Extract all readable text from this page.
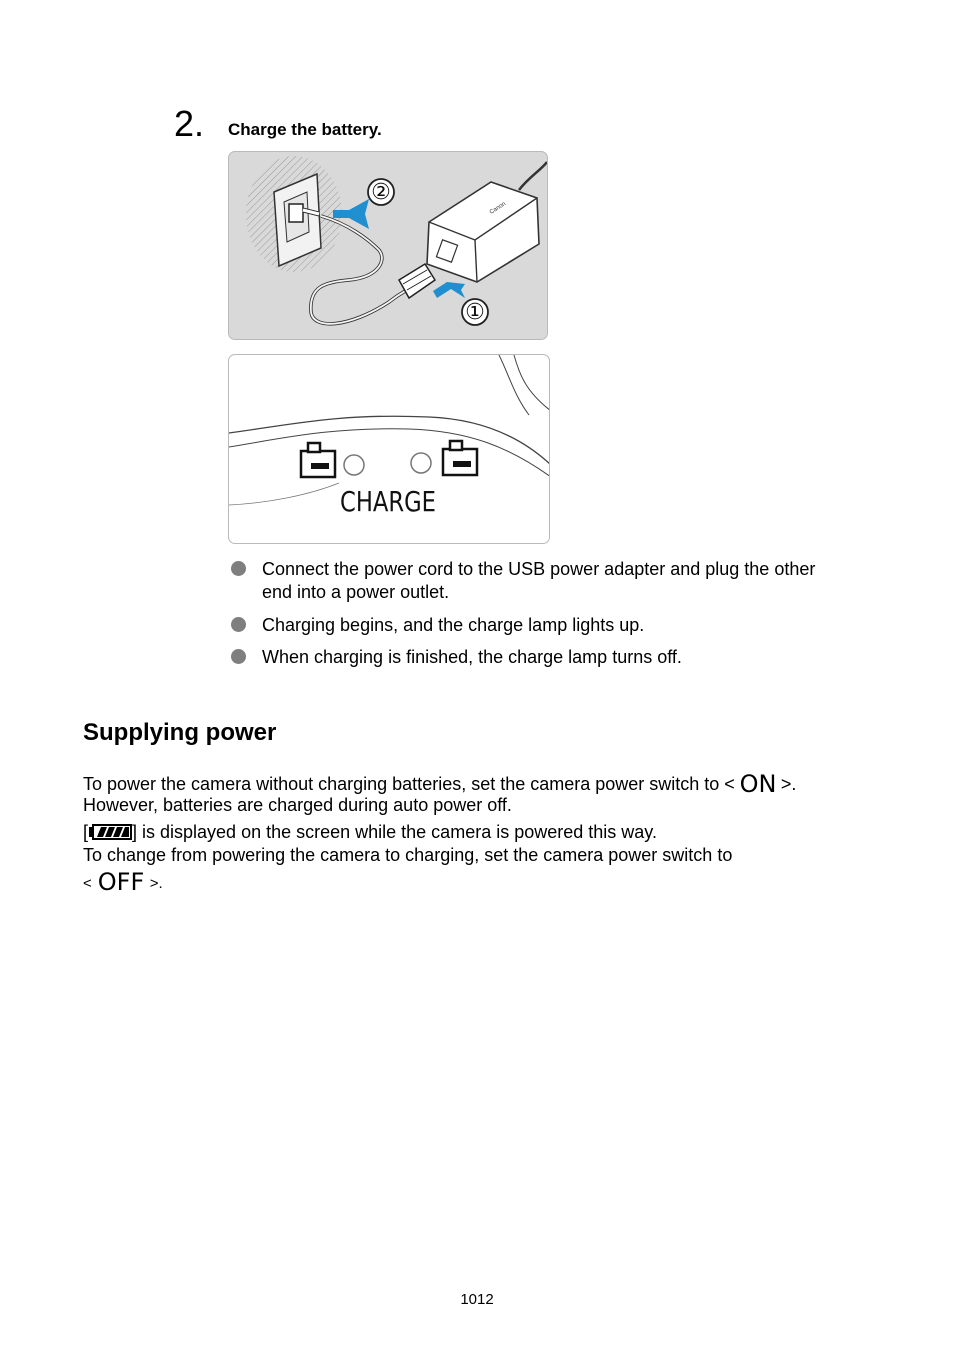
2. Charge the battery.
Canon
②
①
CHARGE
Connect the power cord to the USB power adapter and plug the other
end into a power outlet.
Charging begins, and the charge lamp lights up.
When charging is finished, the charge lamp turns off.
Supplying power
To power the camera without charging batteries, set the camera power switch to < ON >.
However, batteries are charged during auto power off.
[ ] is displayed on the screen while the camera is powered this way.
To change from powering the camera to charging, set the camera power switch to
< OFF >.
1012
